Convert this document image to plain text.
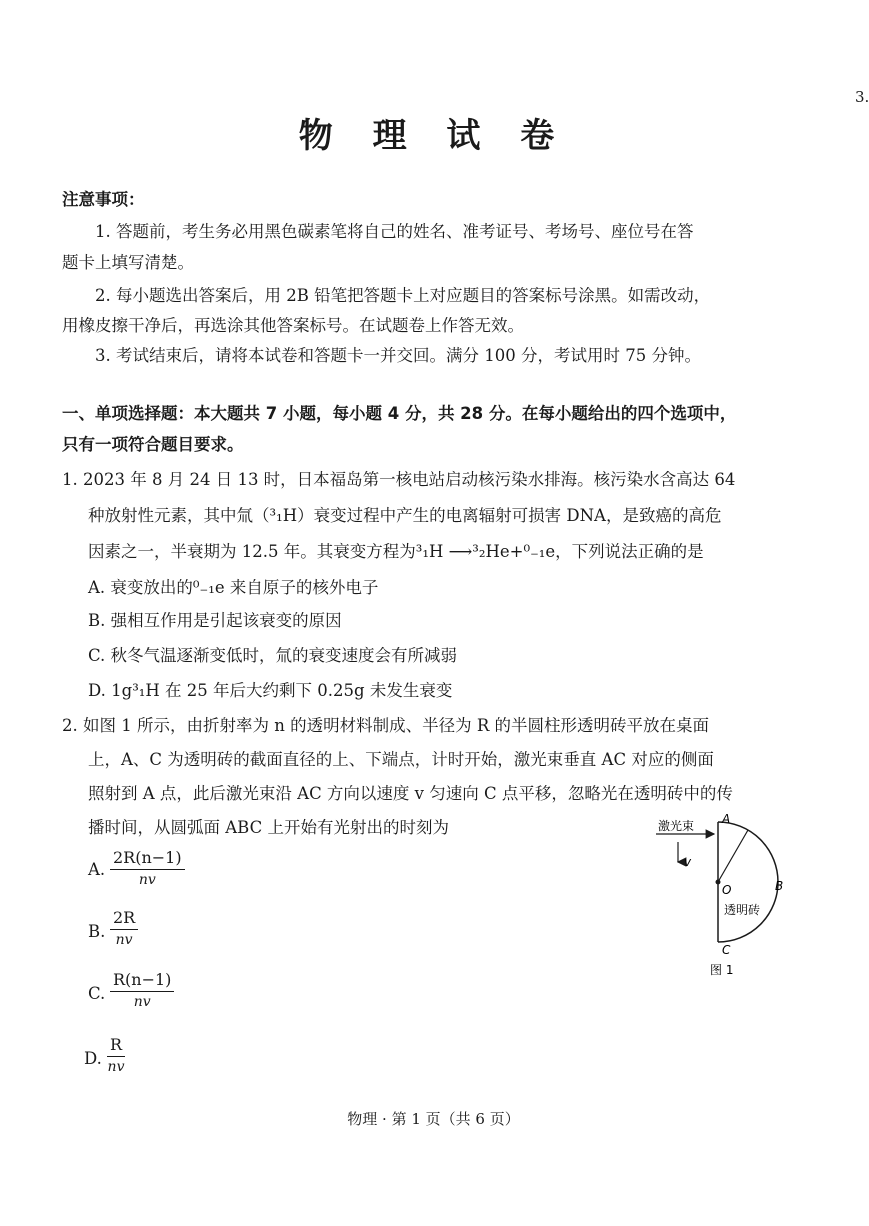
3.
物 理 试 卷
注意事项：
1. 答题前，考生务必用黑色碳素笔将自己的姓名、准考证号、考场号、座位号在答
题卡上填写清楚。
2. 每小题选出答案后，用 2B 铅笔把答题卡上对应题目的答案标号涂黑。如需改动，
用橡皮擦干净后，再选涂其他答案标号。在试题卷上作答无效。
3. 考试结束后，请将本试卷和答题卡一并交回。满分 100 分，考试用时 75 分钟。
一、单项选择题：本大题共 7 小题，每小题 4 分，共 28 分。在每小题给出的四个选项中，
只有一项符合题目要求。
1. 2023 年 8 月 24 日 13 时，日本福岛第一核电站启动核污染水排海。核污染水含高达 64
种放射性元素，其中氚（³₁H）衰变过程中产生的电离辐射可损害 DNA，是致癌的高危
因素之一，半衰期为 12.5 年。其衰变方程为³₁H ⟶³₂He+⁰₋₁e，下列说法正确的是
A. 衰变放出的⁰₋₁e 来自原子的核外电子
B. 强相互作用是引起该衰变的原因
C. 秋冬气温逐渐变低时，氚的衰变速度会有所减弱
D. 1g³₁H 在 25 年后大约剩下 0.25g 未发生衰变
2. 如图 1 所示，由折射率为 n 的透明材料制成、半径为 R 的半圆柱形透明砖平放在桌面
上，A、C 为透明砖的截面直径的上、下端点，计时开始，激光束垂直 AC 对应的侧面
照射到 A 点，此后激光束沿 AC 方向以速度 v 匀速向 C 点平移，忽略光在透明砖中的传
播时间，从圆弧面 ABC 上开始有光射出的时刻为
A. $\frac{2R(n-1)}{nv}$
B. $\frac{2R}{nv}$
C. $\frac{R(n-1)}{nv}$
D. $\frac{R}{nv}$
激光束
v
A
B
C
O
透明砖
图 1
物理 · 第 1 页（共 6 页）
